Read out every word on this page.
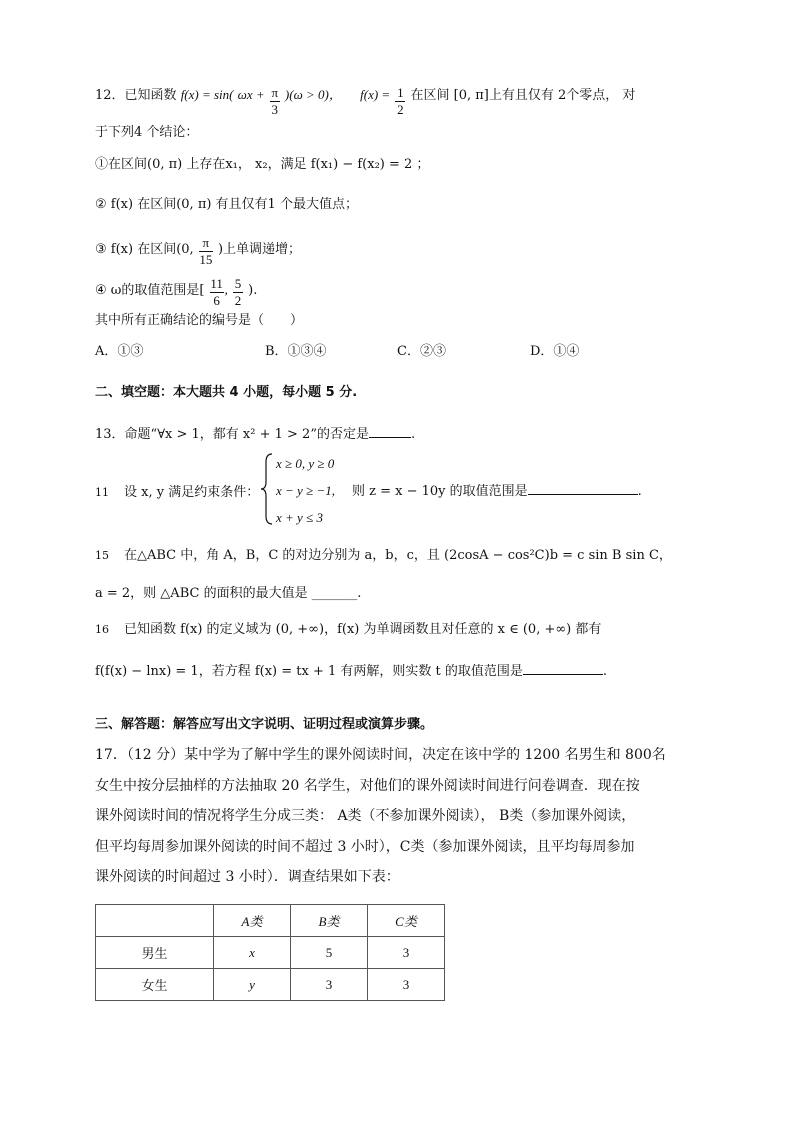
12．已知函数 f(x) = sin( $\omega x + \frac{\pi}{3} )(\omega > 0)$， $f(x) = \frac{1}{2}$ 在区间 [0, π]上有且仅有 2个零点， 对
于下列4 个结论：
①在区间(0, π) 上存在x₁， x₂，满足 f(x₁) − f(x₂) = 2 ；
② f(x) 在区间(0, π) 有且仅有1 个最大值点；
③ f(x) 在区间(0, $\frac{\pi}{15}$ )上单调递增；
④ ω的取值范围是[ $\frac{11}{6}$ , $\frac{5}{2}$ ).
其中所有正确结论的编号是（　　）
A．①③	B．①③④	C．②③	D．①④
二、填空题：本大题共 4 小题，每小题 5 分.
13．命题“∀x > 1，都有 x² + 1 > 2”的否定是	.
11 设 x, y 满足约束条件：
x ≥ 0, y ≥ 0
x − y ≥ −1,
x + y ≤ 3
则 z = x − 10y 的取值范围是	.
15 在△ABC 中，角 A，B，C 的对边分别为 a，b，c，且 (2cosA − cos²C)b = c sin B sin C，
a = 2，则 △ABC 的面积的最大值是 _______.
16 已知函数 f(x) 的定义域为 (0, +∞)，f(x) 为单调函数且对任意的 x ∈ (0, +∞) 都有
f(f(x) − lnx) = 1，若方程 f(x) = tx + 1 有两解，则实数 t 的取值范围是	.
三、解答题：解答应写出文字说明、证明过程或演算步骤。
17．（12 分）某中学为了解中学生的课外阅读时间，决定在该中学的 1200 名男生和 800名
女生中按分层抽样的方法抽取 20 名学生，对他们的课外阅读时间进行问卷调查．现在按
课外阅读时间的情况将学生分成三类： A类（不参加课外阅读）， B类（参加课外阅读，
但平均每周参加课外阅读的时间不超过 3 小时），C类（参加课外阅读，且平均每周参加
课外阅读的时间超过 3 小时）．调查结果如下表：
	A类	B类	C类
男生	x	5	3
女生	y	3	3
